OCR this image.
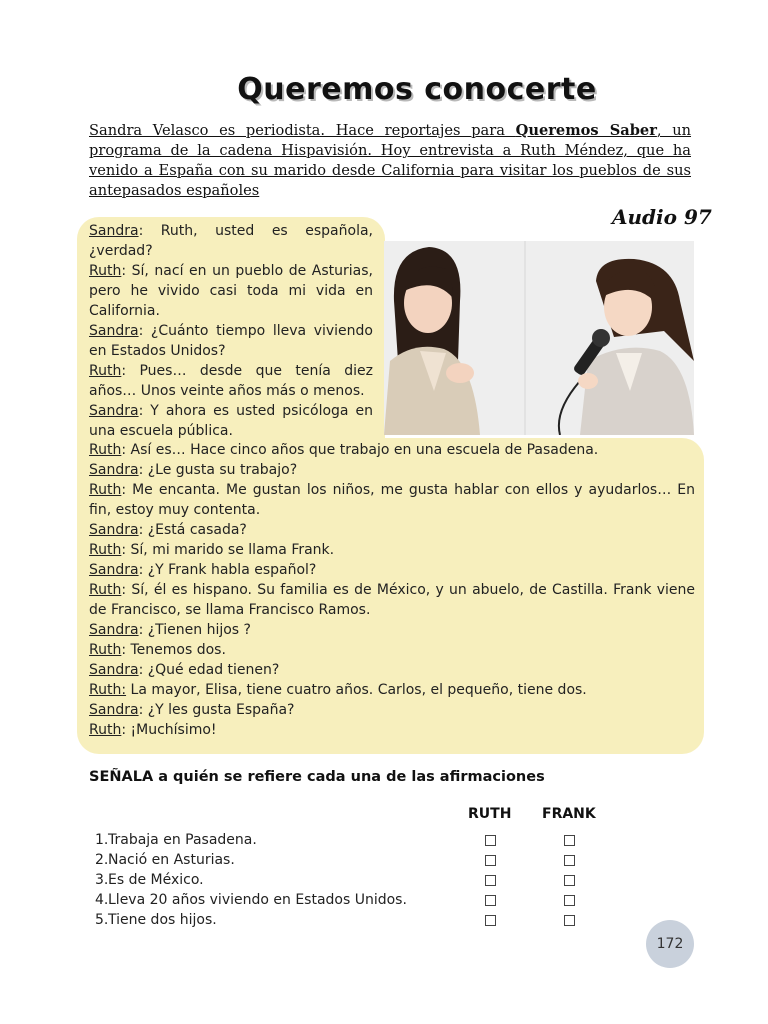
Queremos conocerte
Sandra Velasco es periodista. Hace reportajes para Queremos Saber, un programa de la cadena Hispavisión. Hoy entrevista a Ruth Méndez, que ha venido a España con su marido desde California para visitar los pueblos de sus antepasados españoles
Audio 97
Sandra: Ruth, usted es española, ¿verdad?
Ruth: Sí, nací en un pueblo de Asturias, pero he vivido casi toda mi vida en California.
Sandra: ¿Cuánto tiempo lleva viviendo en Estados Unidos?
Ruth: Pues… desde que tenía diez años… Unos veinte años más o menos.
Sandra: Y ahora es usted psicóloga en una escuela pública.
Ruth: Así es… Hace cinco años que trabajo en una escuela de Pasadena.
Sandra: ¿Le gusta su trabajo?
Ruth: Me encanta. Me gustan los niños, me gusta hablar con ellos y ayudarlos… En fin, estoy muy contenta.
Sandra: ¿Está casada?
Ruth: Sí, mi marido se llama Frank.
Sandra: ¿Y Frank habla español?
Ruth: Sí, él es hispano. Su familia es de México, y un abuelo, de Castilla. Frank viene de Francisco, se llama Francisco Ramos.
Sandra: ¿Tienen hijos ?
Ruth: Tenemos dos.
Sandra: ¿Qué edad tienen?
Ruth: La mayor, Elisa, tiene cuatro años. Carlos, el pequeño, tiene dos.
Sandra: ¿Y les gusta España?
Ruth: ¡Muchísimo!
SEÑALA a quién se refiere cada una de las afirmaciones
RUTH FRANK
1.Trabaja en Pasadena.
2.Nació en Asturias.
3.Es de México.
4.Lleva 20 años viviendo en Estados Unidos.
5.Tiene dos hijos.
172
